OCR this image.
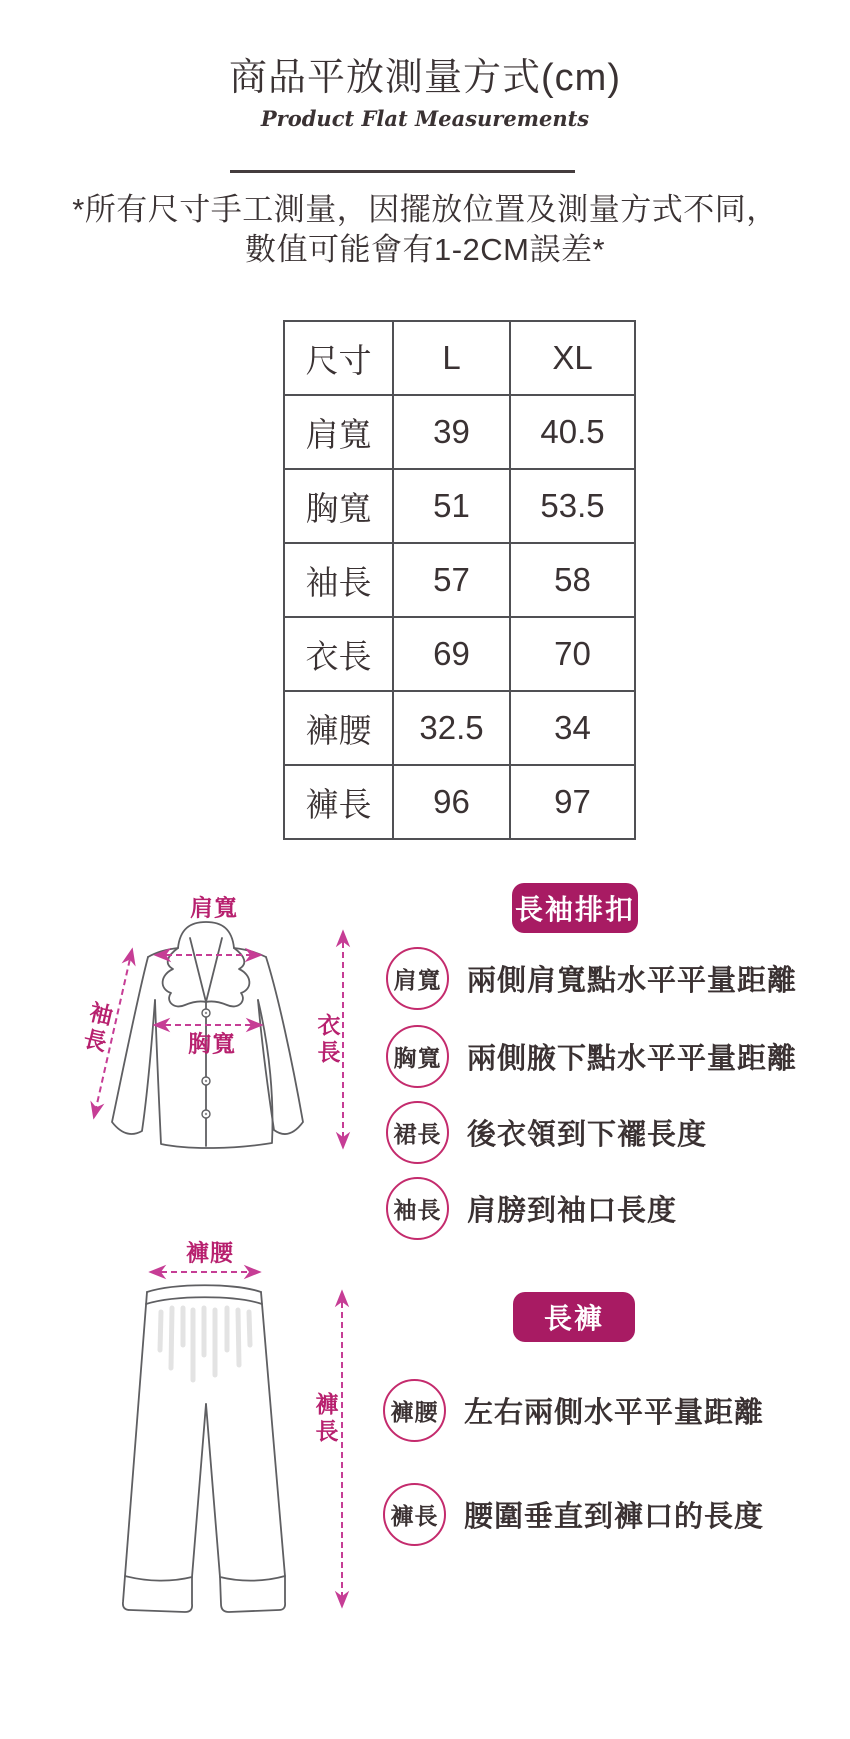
商品平放測量方式(cm)
Product Flat Measurements
*所有尺寸手工測量，因擺放位置及測量方式不同，
數值可能會有1-2CM誤差*
尺寸	L	XL
肩寬	39	40.5
胸寬	51	53.5
袖長	57	58
衣長	69	70
褲腰	32.5	34
褲長	96	97
肩寬
袖長	胸寬	衣長
褲腰
褲長
長袖排扣
肩寬 兩側肩寬點水平平量距離
胸寬 兩側腋下點水平平量距離
裙長 後衣領到下襬長度
袖長 肩膀到袖口長度
長褲
褲腰 左右兩側水平平量距離
褲長 腰圍垂直到褲口的長度
